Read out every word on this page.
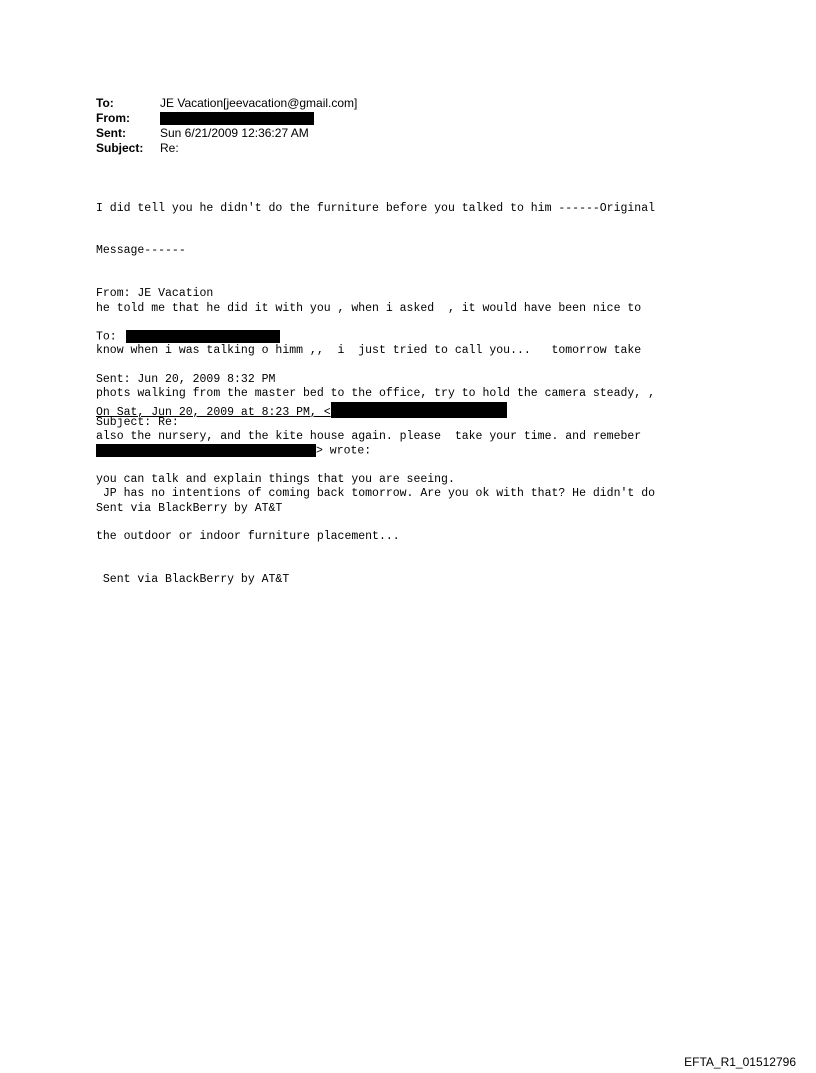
To:	JE Vacation[jeevacation@gmail.com]
From:
Sent:	Sun 6/21/2009 12:36:27 AM
Subject: Re:

I did tell you he didn't do the furniture before you talked to him ------Original

Message------

From: JE Vacation

To:

Sent: Jun 20, 2009 8:32 PM

Subject: Re:

he told me that he did it with you , when i asked  , it would have been nice to

know when i was talking o himm ,,  i  just tried to call you...   tomorrow take

phots walking from the master bed to the office, try to hold the camera steady, ,

also the nursery, and the kite house again. please  take your time. and remeber

you can talk and explain things that you are seeing.

On Sat, Jun 20, 2009 at 8:23 PM, <

> wrote:

JP has no intentions of coming back tomorrow. Are you ok with that? He didn't do

the outdoor or indoor furniture placement...

Sent via BlackBerry by AT&T

Sent via BlackBerry by AT&T
EFTA_R1_01512796
